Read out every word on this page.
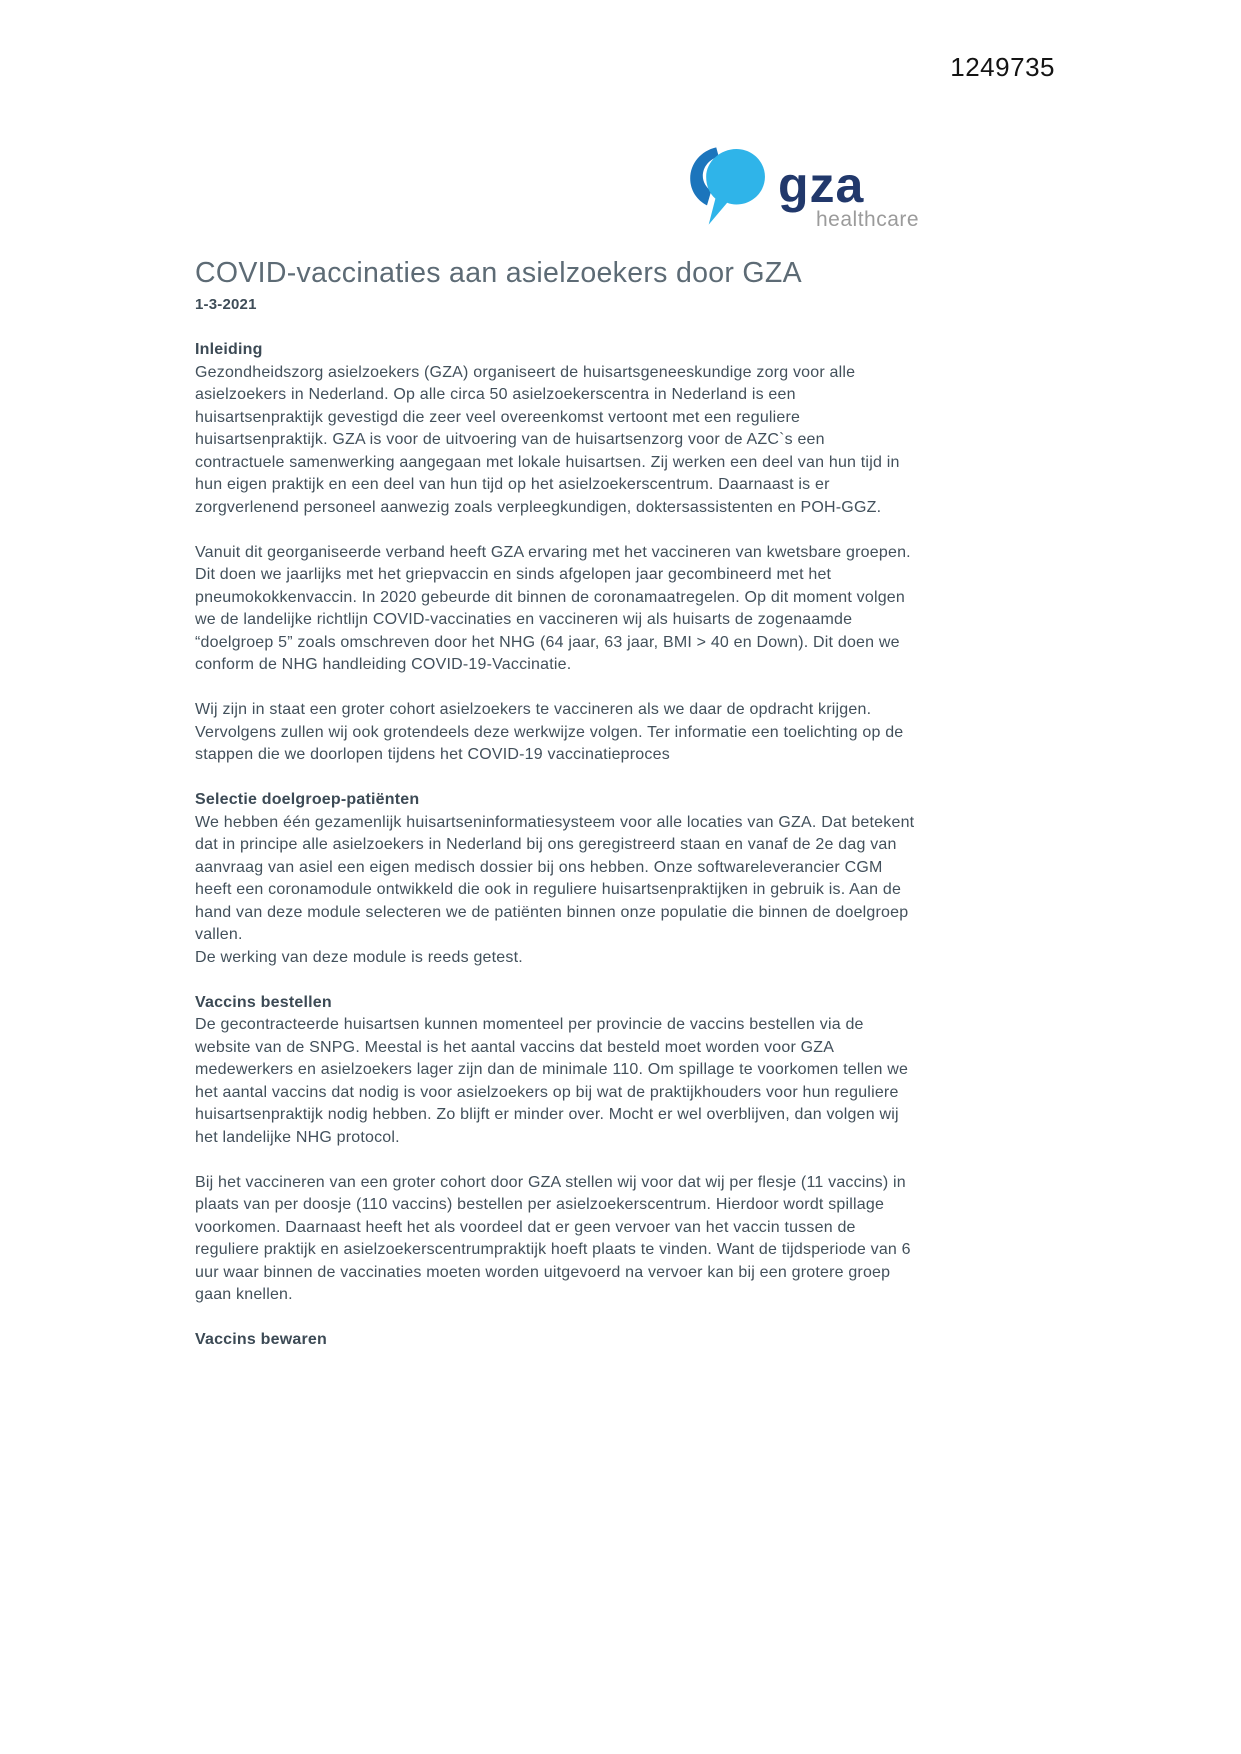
1249735
gza
healthcare
COVID-vaccinaties aan asielzoekers door GZA
1-3-2021
Inleiding

Gezondheidszorg asielzoekers (GZA) organiseert de huisartsgeneeskundige zorg voor alle asielzoekers in Nederland. Op alle circa 50 asielzoekerscentra in Nederland is een huisartsenpraktijk gevestigd die zeer veel overeenkomst vertoont met een reguliere huisartsenpraktijk. GZA is voor de uitvoering van de huisartsenzorg voor de AZC`s een contractuele samenwerking aangegaan met lokale huisartsen. Zij werken een deel van hun tijd in hun eigen praktijk en een deel van hun tijd op het asielzoekerscentrum. Daarnaast is er zorgverlenend personeel aanwezig zoals verpleegkundigen, doktersassistenten en POH-GGZ.

Vanuit dit georganiseerde verband heeft GZA ervaring met het vaccineren van kwetsbare groepen. Dit doen we jaarlijks met het griepvaccin en sinds afgelopen jaar gecombineerd met het pneumokokkenvaccin. In 2020 gebeurde dit binnen de coronamaatregelen. Op dit moment volgen we de landelijke richtlijn COVID-vaccinaties en vaccineren wij als huisarts de zogenaamde “doelgroep 5” zoals omschreven door het NHG (64 jaar, 63 jaar, BMI > 40 en Down). Dit doen we conform de NHG handleiding COVID-19-Vaccinatie.

Wij zijn in staat een groter cohort asielzoekers te vaccineren als we daar de opdracht krijgen. Vervolgens zullen wij ook grotendeels deze werkwijze volgen. Ter informatie een toelichting op de stappen die we doorlopen tijdens het COVID-19 vaccinatieproces

Selectie doelgroep-patiënten

We hebben één gezamenlijk huisartseninformatiesysteem voor alle locaties van GZA. Dat betekent dat in principe alle asielzoekers in Nederland bij ons geregistreerd staan en vanaf de 2e dag van aanvraag van asiel een eigen medisch dossier bij ons hebben. Onze softwareleverancier CGM heeft een coronamodule ontwikkeld die ook in reguliere huisartsenpraktijken in gebruik is. Aan de hand van deze module selecteren we de patiënten binnen onze populatie die binnen de doelgroep vallen.

De werking van deze module is reeds getest.

Vaccins bestellen

De gecontracteerde huisartsen kunnen momenteel per provincie de vaccins bestellen via de website van de SNPG. Meestal is het aantal vaccins dat besteld moet worden voor GZA medewerkers en asielzoekers lager zijn dan de minimale 110. Om spillage te voorkomen tellen we het aantal vaccins dat nodig is voor asielzoekers op bij wat de praktijkhouders voor hun reguliere huisartsenpraktijk nodig hebben. Zo blijft er minder over. Mocht er wel overblijven, dan volgen wij het landelijke NHG protocol.

Bij het vaccineren van een groter cohort door GZA stellen wij voor dat wij per flesje (11 vaccins) in plaats van per doosje (110 vaccins) bestellen per asielzoekerscentrum. Hierdoor wordt spillage voorkomen. Daarnaast heeft het als voordeel dat er geen vervoer van het vaccin tussen de reguliere praktijk en asielzoekerscentrumpraktijk hoeft plaats te vinden. Want de tijdsperiode van 6 uur waar binnen de vaccinaties moeten worden uitgevoerd na vervoer kan bij een grotere groep gaan knellen.

Vaccins bewaren
